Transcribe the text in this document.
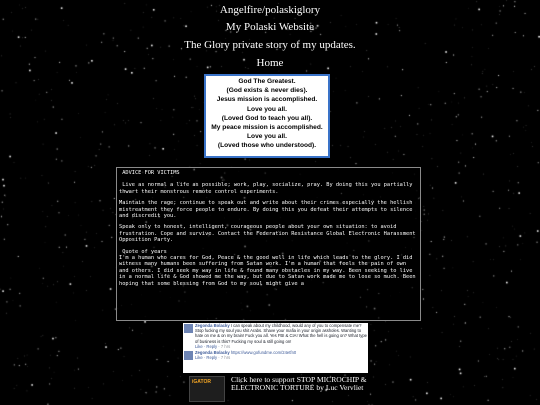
Angelfire/polaskiglory
My Polaski Website
The Glory private story of my updates.
Home
God The Greatest.
(God exists & never dies).
Jesus mission is accomplished.
Love you all.
(Loved God to teach you all).
My peace mission is accomplished.
Love you all.
(Loved those who understood).

ADVICE FOR VICTIMS

Live as normal a life as possible; work, play, socialize, pray. By doing this you partially thwart their monstrous remote control experiments.

Maintain the rage; continue to speak out and write about their crimes especially the hellish mistreatment they force people to endure. By doing this you defeat their attempts to silence and discredit you.

Speak only to honest, intelligent, courageous people about your own situation: to avoid frustration. Cope and survive. Contact the Federation Resistance Global Electronic Harassment Opposition Party.

Quote of years

I'm a human who cares for God, Peace & the good well in life which leads to the glory. I did witness many humans been suffering from Satan work. I'm a human that feels the pain of own and others. I did seek my way in life & found many obstacles in my way. Been seeking to live in a normal life & God showed me the way, but due to Satan work made me to lose so much. Been hoping that some blessing from God to my soul might give a

Zegonda Bolacky I can speak about my childhood, would any of you to compensate me? Stop fucking my soul you shit Arabs. Shave your mafia in your origin assholes. Wanting to hate on me & on my brain! Fuck you all. Yes FBI & CIA! What the hell is going on? What type of business is this? Fucking my soul & still going on!
Like · Reply · 7 hrs
Zegonda Bolacky https://www.gofundme.com/24etfn0
Like · Reply · 7 hrs
iGATOR	Click here to support STOP MICROCHIP & ELECTRONIC TORTURE by Luc Vervliet
